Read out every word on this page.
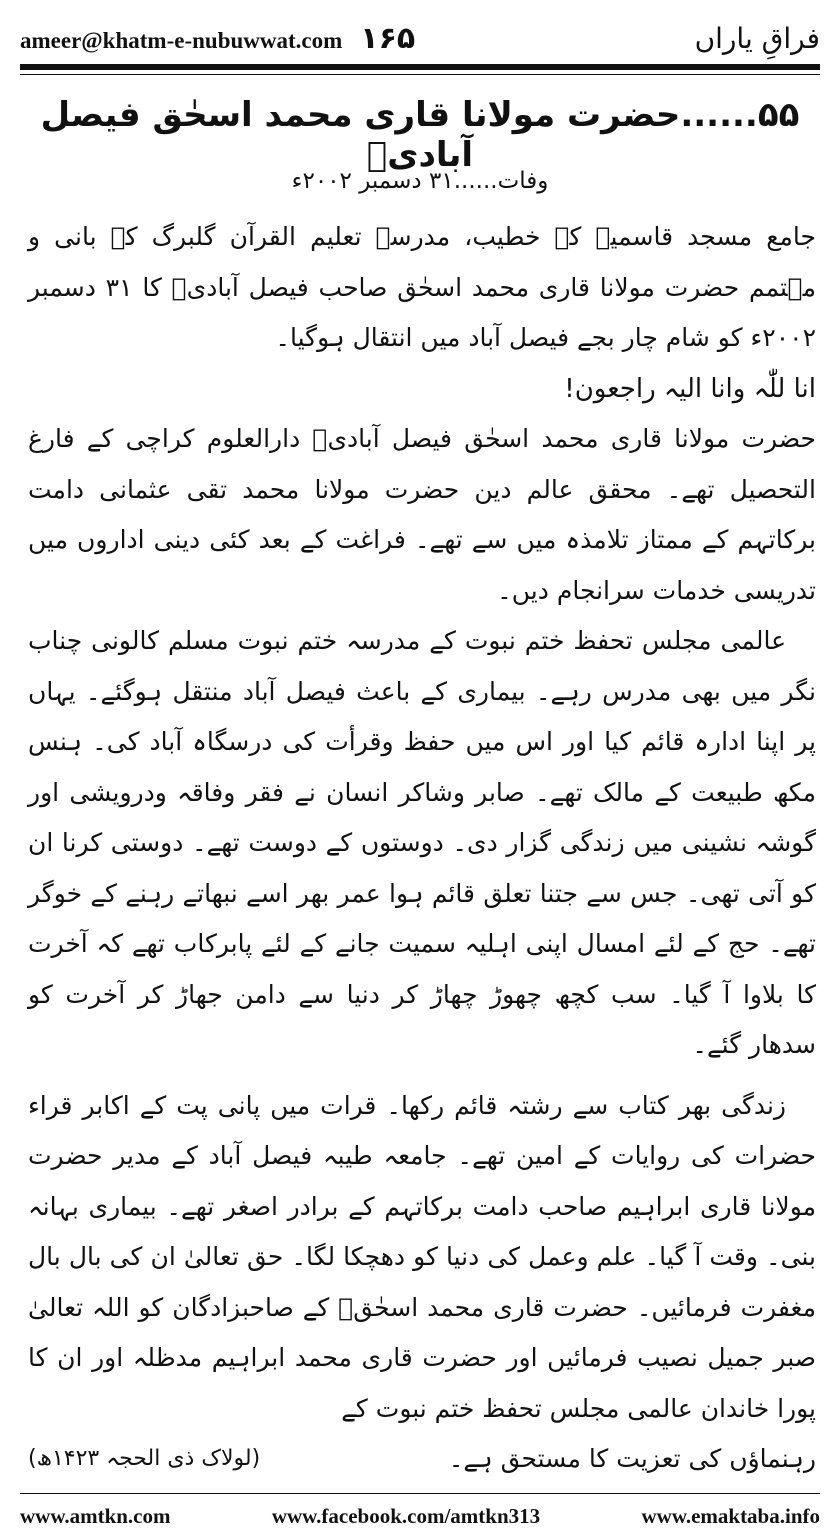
ameer@khatm-e-nubuwwat.com ۱۶۵	فراقِ یاراں
۵۵......حضرت مولانا قاری محمد اسحٰق فیصل آبادیؒ
وفات......۳۱ دسمبر ۲۰۰۲ء

جامع مسجد قاسمیہ کے خطیب، مدرسہ تعلیم القرآن گلبرگ کے بانی و مہتمم حضرت مولانا قاری محمد اسحٰق صاحب فیصل آبادیؒ کا ۳۱ دسمبر ۲۰۰۲ء کو شام چار بجے فیصل آباد میں انتقال ہوگیا۔

انا للّٰہ وانا الیہ راجعون!

حضرت مولانا قاری محمد اسحٰق فیصل آبادیؒ دارالعلوم کراچی کے فارغ التحصیل تھے۔ محقق عالم دین حضرت مولانا محمد تقی عثمانی دامت برکاتہم کے ممتاز تلامذہ میں سے تھے۔ فراغت کے بعد کئی دینی اداروں میں تدریسی خدمات سرانجام دیں۔

عالمی مجلس تحفظ ختم نبوت کے مدرسہ ختم نبوت مسلم کالونی چناب نگر میں بھی مدرس رہے۔ بیماری کے باعث فیصل آباد منتقل ہوگئے۔ یہاں پر اپنا ادارہ قائم کیا اور اس میں حفظ وقرأت کی درسگاہ آباد کی۔ ہنس مکھ طبیعت کے مالک تھے۔ صابر وشاکر انسان نے فقر وفاقہ ودرویشی اور گوشہ نشینی میں زندگی گزار دی۔ دوستوں کے دوست تھے۔ دوستی کرنا ان کو آتی تھی۔ جس سے جتنا تعلق قائم ہوا عمر بھر اسے نبھاتے رہنے کے خوگر تھے۔ حج کے لئے امسال اپنی اہلیہ سمیت جانے کے لئے پابرکاب تھے کہ آخرت کا بلاوا آ گیا۔ سب کچھ چھوڑ چھاڑ کر دنیا سے دامن جھاڑ کر آخرت کو سدھار گئے۔

زندگی بھر کتاب سے رشتہ قائم رکھا۔ قرات میں پانی پت کے اکابر قراء حضرات کی روایات کے امین تھے۔ جامعہ طیبہ فیصل آباد کے مدیر حضرت مولانا قاری ابراہیم صاحب دامت برکاتہم کے برادر اصغر تھے۔ بیماری بہانہ بنی۔ وقت آ گیا۔ علم وعمل کی دنیا کو دھچکا لگا۔ حق تعالیٰ ان کی بال بال مغفرت فرمائیں۔ حضرت قاری محمد اسحٰقؒ کے صاحبزادگان کو اللہ تعالیٰ صبر جمیل نصیب فرمائیں اور حضرت قاری محمد ابراہیم مدظلہ اور ان کا پورا خاندان عالمی مجلس تحفظ ختم نبوت کے

رہنماؤں کی تعزیت کا مستحق ہے۔
(لولاک ذی الحجہ ۱۴۲۳ھ)
www.amtkn.com	www.facebook.com/amtkn313	www.emaktaba.info
